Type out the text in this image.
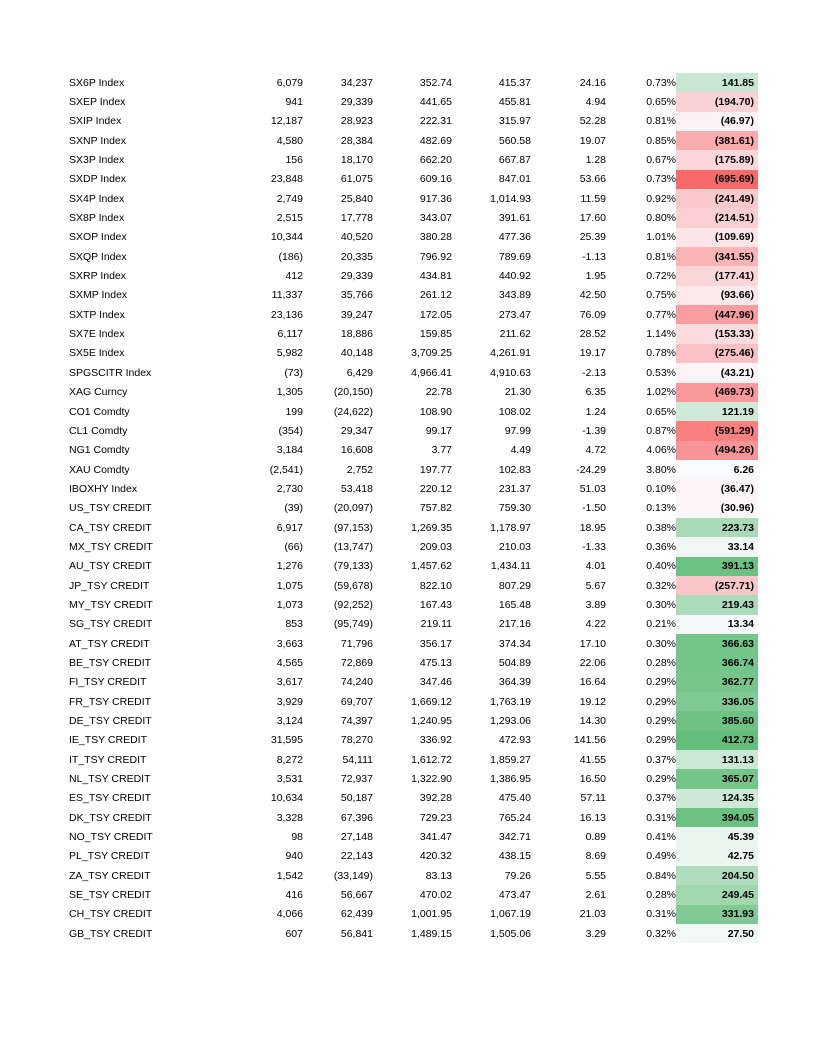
SX6P Index	6,079	34,237	352.74	415.37	24.16	0.73%	141.85
SXEP Index	941	29,339	441.65	455.81	4.94	0.65%	(194.70)
SXIP Index	12,187	28,923	222.31	315.97	52.28	0.81%	(46.97)
SXNP Index	4,580	28,384	482.69	560.58	19.07	0.85%	(381.61)
SX3P Index	156	18,170	662.20	667.87	1.28	0.67%	(175.89)
SXDP Index	23,848	61,075	609.16	847.01	53.66	0.73%	(695.69)
SX4P Index	2,749	25,840	917.36	1,014.93	11.59	0.92%	(241.49)
SX8P Index	2,515	17,778	343.07	391.61	17.60	0.80%	(214.51)
SXOP Index	10,344	40,520	380.28	477.36	25.39	1.01%	(109.69)
SXQP Index	(186)	20,335	796.92	789.69	-1.13	0.81%	(341.55)
SXRP Index	412	29,339	434.81	440.92	1.95	0.72%	(177.41)
SXMP Index	11,337	35,766	261.12	343.89	42.50	0.75%	(93.66)
SXTP Index	23,136	39,247	172.05	273.47	76.09	0.77%	(447.96)
SX7E Index	6,117	18,886	159.85	211.62	28.52	1.14%	(153.33)
SX5E Index	5,982	40,148	3,709.25	4,261.91	19.17	0.78%	(275.46)
SPGSCITR Index	(73)	6,429	4,966.41	4,910.63	-2.13	0.53%	(43.21)
XAG Curncy	1,305	(20,150)	22.78	21.30	6.35	1.02%	(469.73)
CO1 Comdty	199	(24,622)	108.90	108.02	1.24	0.65%	121.19
CL1 Comdty	(354)	29,347	99.17	97.99	-1.39	0.87%	(591.29)
NG1 Comdty	3,184	16,608	3.77	4.49	4.72	4.06%	(494.26)
XAU Comdty	(2,541)	2,752	197.77	102.83	-24.29	3.80%	6.26
IBOXHY Index	2,730	53,418	220.12	231.37	51.03	0.10%	(36.47)
US_TSY CREDIT	(39)	(20,097)	757.82	759.30	-1.50	0.13%	(30.96)
CA_TSY CREDIT	6,917	(97,153)	1,269.35	1,178.97	18.95	0.38%	223.73
MX_TSY CREDIT	(66)	(13,747)	209.03	210.03	-1.33	0.36%	33.14
AU_TSY CREDIT	1,276	(79,133)	1,457.62	1,434.11	4.01	0.40%	391.13
JP_TSY CREDIT	1,075	(59,678)	822.10	807.29	5.67	0.32%	(257.71)
MY_TSY CREDIT	1,073	(92,252)	167.43	165.48	3.89	0.30%	219.43
SG_TSY CREDIT	853	(95,749)	219.11	217.16	4.22	0.21%	13.34
AT_TSY CREDIT	3,663	71,796	356.17	374.34	17.10	0.30%	366.63
BE_TSY CREDIT	4,565	72,869	475.13	504.89	22.06	0.28%	366.74
FI_TSY CREDIT	3,617	74,240	347.46	364.39	16.64	0.29%	362.77
FR_TSY CREDIT	3,929	69,707	1,669.12	1,763.19	19.12	0.29%	336.05
DE_TSY CREDIT	3,124	74,397	1,240.95	1,293.06	14.30	0.29%	385.60
IE_TSY CREDIT	31,595	78,270	336.92	472.93	141.56	0.29%	412.73
IT_TSY CREDIT	8,272	54,111	1,612.72	1,859.27	41.55	0.37%	131.13
NL_TSY CREDIT	3,531	72,937	1,322.90	1,386.95	16.50	0.29%	365.07
ES_TSY CREDIT	10,634	50,187	392.28	475.40	57.11	0.37%	124.35
DK_TSY CREDIT	3,328	67,396	729.23	765.24	16.13	0.31%	394.05
NO_TSY CREDIT	98	27,148	341.47	342.71	0.89	0.41%	45.39
PL_TSY CREDIT	940	22,143	420.32	438.15	8.69	0.49%	42.75
ZA_TSY CREDIT	1,542	(33,149)	83.13	79.26	5.55	0.84%	204.50
SE_TSY CREDIT	416	56,667	470.02	473.47	2.61	0.28%	249.45
CH_TSY CREDIT	4,066	62,439	1,001.95	1,067.19	21.03	0.31%	331.93
GB_TSY CREDIT	607	56,841	1,489.15	1,505.06	3.29	0.32%	27.50
